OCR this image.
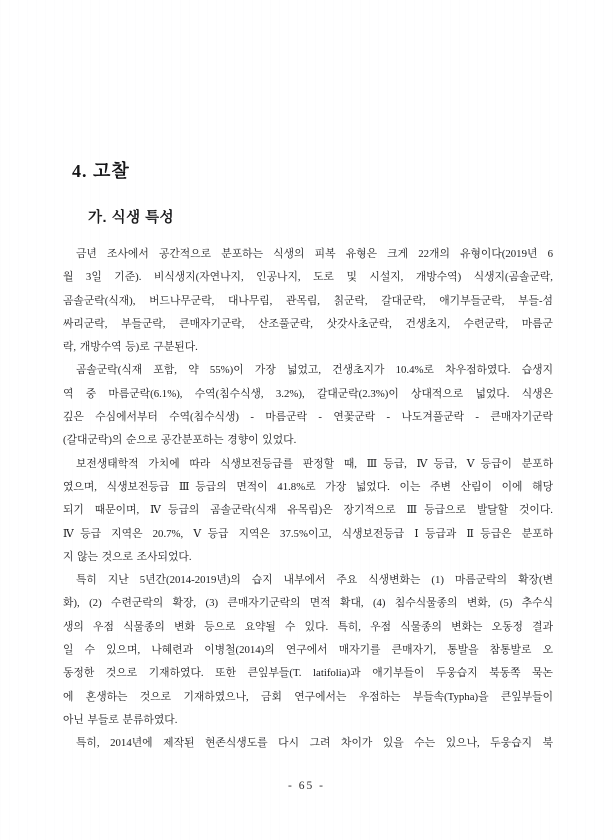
4. 고찰
가. 식생 특성
금년 조사에서 공간적으로 분포하는 식생의 피복 유형은 크게 22개의 유형이다(2019년 6
월 3일 기준). 비식생지(자연나지, 인공나지, 도로 및 시설지, 개방수역) 식생지(곰솔군락,
곰솔군락(식재), 버드나무군락, 대나무림, 관목림, 칡군락, 갈대군락, 애기부들군락, 부들-섬
싸리군락, 부들군락, 큰매자기군락, 산조풀군락, 삿갓사초군락, 건생초지, 수련군락, 마름군
락, 개방수역 등)로 구분된다.
곰솔군락(식재 포함, 약 55%)이 가장 넓었고, 건생초지가 10.4%로 차우점하였다. 습생지
역 중 마름군락(6.1%), 수역(침수식생, 3.2%), 갈대군락(2.3%)이 상대적으로 넓었다. 식생은
깊은 수심에서부터 수역(침수식생) - 마름군락 - 연꽃군락 - 나도겨풀군락 - 큰매자기군락
(갈대군락)의 순으로 공간분포하는 경향이 있었다.
보전생태학적 가치에 따라 식생보전등급를 판정할 때, Ⅲ등급, Ⅳ등급, Ⅴ등급이 분포하
였으며, 식생보전등급 Ⅲ등급의 면적이 41.8%로 가장 넓었다. 이는 주변 산림이 이에 해당
되기 때문이며, Ⅳ등급의 곰솔군락(식재 유목림)은 장기적으로 Ⅲ등급으로 발달할 것이다.
Ⅳ등급 지역은 20.7%, Ⅴ등급 지역은 37.5%이고, 식생보전등급 Ⅰ등급과 Ⅱ등급은 분포하
지 않는 것으로 조사되었다.
특히 지난 5년간(2014-2019년)의 습지 내부에서 주요 식생변화는 (1) 마름군락의 확장(변
화), (2) 수련군락의 확장, (3) 큰매자기군락의 면적 확대, (4) 침수식물종의 변화, (5) 추수식
생의 우점 식물종의 변화 등으로 요약될 수 있다. 특히, 우점 식물종의 변화는 오동정 결과
일 수 있으며, 나혜련과 이병철(2014)의 연구에서 매자기를 큰매자기, 통발을 참통발로 오
동정한 것으로 기재하였다. 또한 큰잎부들(T. latifolia)과 애기부들이 두웅습지 북동쪽 묵논
에 혼생하는 것으로 기재하였으나, 금회 연구에서는 우점하는 부들속(Typha)을 큰잎부들이
아닌 부들로 분류하였다.
특히, 2014년에 제작된 현존식생도를 다시 그려 차이가 있을 수는 있으나, 두웅습지 북
- 65 -
